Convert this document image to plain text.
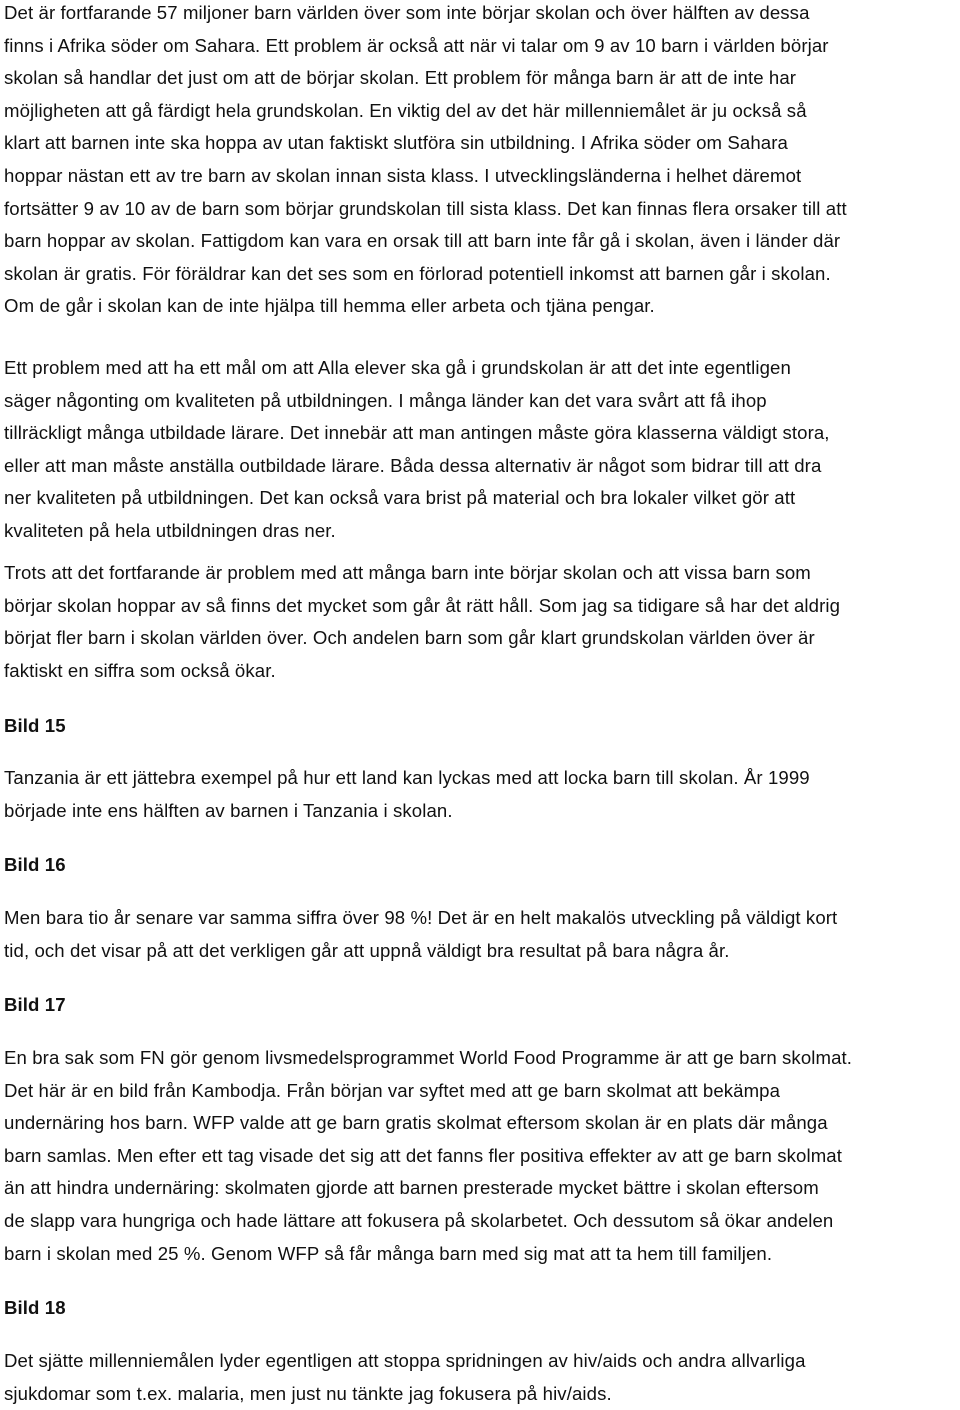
Det är fortfarande 57 miljoner barn världen över som inte börjar skolan och över hälften av dessa
finns i Afrika söder om Sahara. Ett problem är också att när vi talar om 9 av 10 barn i världen börjar
skolan så handlar det just om att de börjar skolan. Ett problem för många barn är att de inte har
möjligheten att gå färdigt hela grundskolan. En viktig del av det här millenniemålet är ju också så
klart att barnen inte ska hoppa av utan faktiskt slutföra sin utbildning. I Afrika söder om Sahara
hoppar nästan ett av tre barn av skolan innan sista klass. I utvecklingsländerna i helhet däremot
fortsätter 9 av 10 av de barn som börjar grundskolan till sista klass. Det kan finnas flera orsaker till att
barn hoppar av skolan. Fattigdom kan vara en orsak till att barn inte får gå i skolan, även i länder där
skolan är gratis. För föräldrar kan det ses som en förlorad potentiell inkomst att barnen går i skolan.
Om de går i skolan kan de inte hjälpa till hemma eller arbeta och tjäna pengar.
Ett problem med att ha ett mål om att Alla elever ska gå i grundskolan är att det inte egentligen
säger någonting om kvaliteten på utbildningen. I många länder kan det vara svårt att få ihop
tillräckligt många utbildade lärare. Det innebär att man antingen måste göra klasserna väldigt stora,
eller att man måste anställa outbildade lärare. Båda dessa alternativ är något som bidrar till att dra
ner kvaliteten på utbildningen. Det kan också vara brist på material och bra lokaler vilket gör att
kvaliteten på hela utbildningen dras ner.
Trots att det fortfarande är problem med att många barn inte börjar skolan och att vissa barn som
börjar skolan hoppar av så finns det mycket som går åt rätt håll. Som jag sa tidigare så har det aldrig
börjat fler barn i skolan världen över. Och andelen barn som går klart grundskolan världen över är
faktiskt en siffra som också ökar.
Bild 15
Tanzania är ett jättebra exempel på hur ett land kan lyckas med att locka barn till skolan. År 1999
började inte ens hälften av barnen i Tanzania i skolan.
Bild 16
Men bara tio år senare var samma siffra över 98 %! Det är en helt makalös utveckling på väldigt kort
tid, och det visar på att det verkligen går att uppnå väldigt bra resultat på bara några år.
Bild 17
En bra sak som FN gör genom livsmedelsprogrammet World Food Programme är att ge barn skolmat.
Det här är en bild från Kambodja. Från början var syftet med att ge barn skolmat att bekämpa
undernäring hos barn. WFP valde att ge barn gratis skolmat eftersom skolan är en plats där många
barn samlas. Men efter ett tag visade det sig att det fanns fler positiva effekter av att ge barn skolmat
än att hindra undernäring: skolmaten gjorde att barnen presterade mycket bättre i skolan eftersom
de slapp vara hungriga och hade lättare att fokusera på skolarbetet. Och dessutom så ökar andelen
barn i skolan med 25 %. Genom WFP så får många barn med sig mat att ta hem till familjen.
Bild 18
Det sjätte millenniemålen lyder egentligen att stoppa spridningen av hiv/aids och andra allvarliga
sjukdomar som t.ex. malaria, men just nu tänkte jag fokusera på hiv/aids.
